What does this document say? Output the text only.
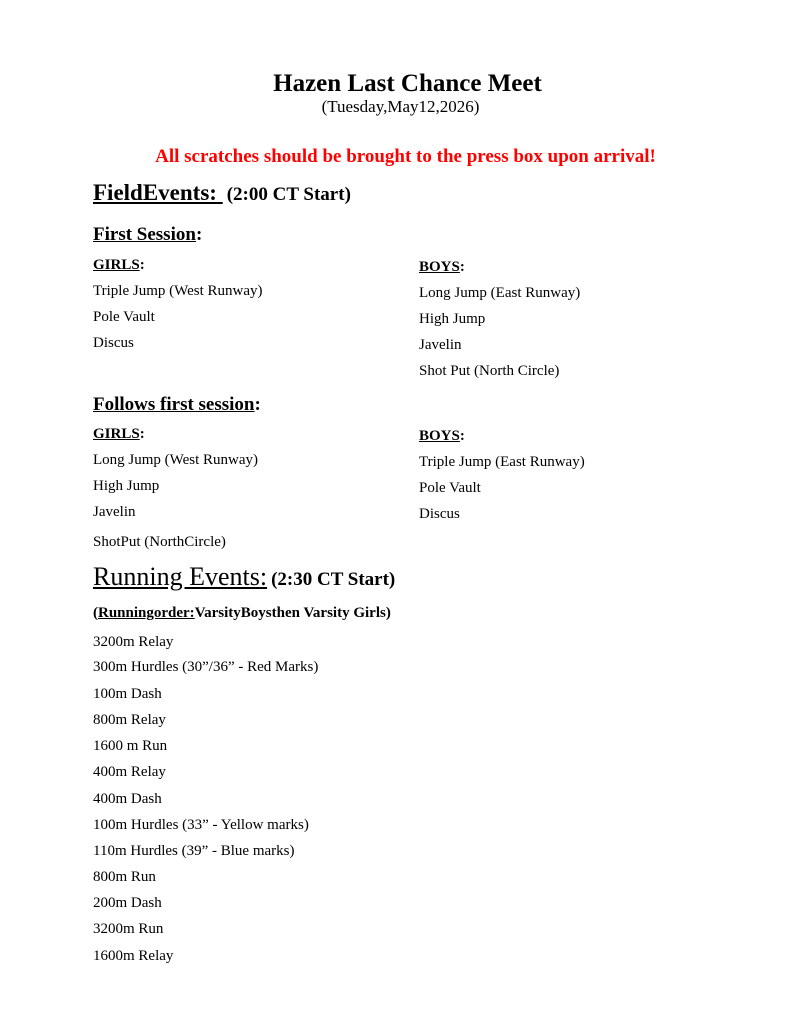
Hazen Last Chance Meet
(Tuesday,May12,2026)
All scratches should be brought to the press box upon arrival!
FieldEvents: (2:00 CT Start)
First Session:
GIRLS:	BOYS:
Triple Jump (West Runway)
Pole Vault
Discus
Long Jump (East Runway)
High Jump
Javelin
Shot Put (North Circle)
Follows first session:
GIRLS:	BOYS:
Long Jump (West Runway)
High Jump
Javelin
ShotPut (NorthCircle)
Triple Jump (East Runway)
Pole Vault
Discus
Running Events: (2:30 CT Start)
(Runningorder:VarsityBoysthen Varsity Girls)
3200m Relay
300m Hurdles (30”/36” - Red Marks)
100m Dash
800m Relay
1600 m Run
400m Relay
400m Dash
100m Hurdles (33” - Yellow marks)
110m Hurdles (39” - Blue marks)
800m Run
200m Dash
3200m Run
1600m Relay
